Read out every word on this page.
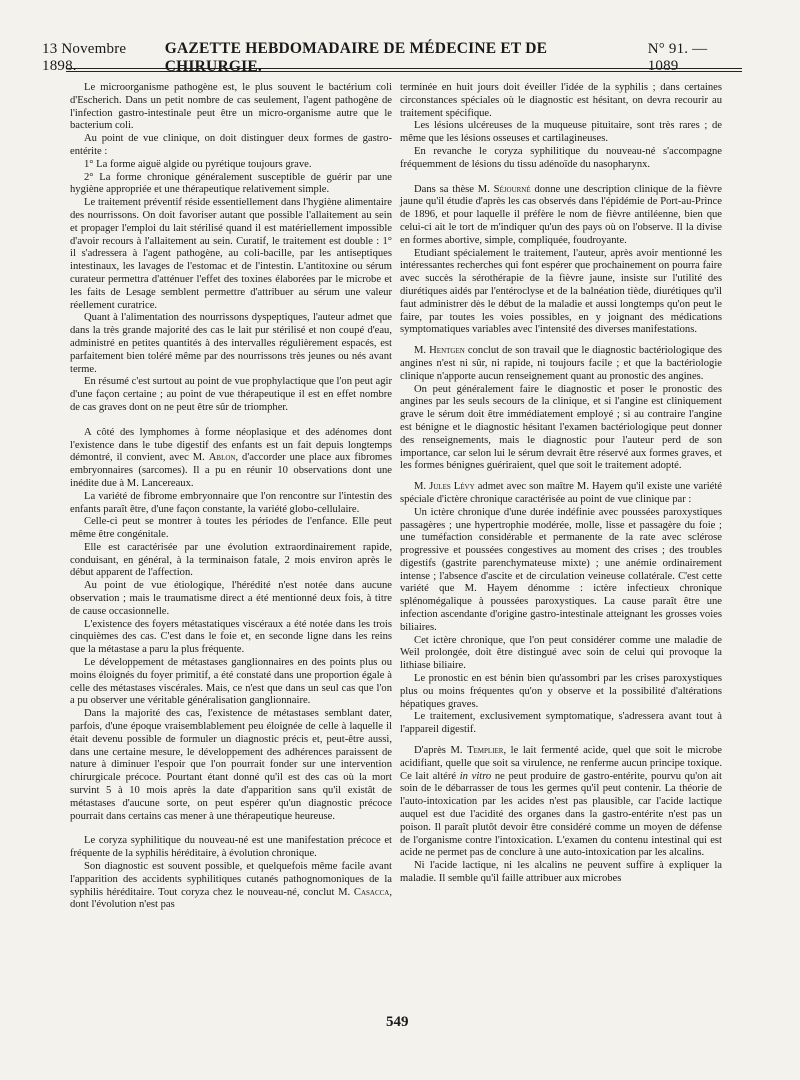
13 Novembre 1898.
GAZETTE HEBDOMADAIRE DE MÉDECINE ET DE CHIRURGIE.
N° 91. — 1089

Le microorganisme pathogène est, le plus souvent le bactérium coli d'Escherich. Dans un petit nombre de cas seulement, l'agent pathogène de l'infection gastro-intestinale peut être un micro-organisme autre que le bacterium coli.

Au point de vue clinique, on doit distinguer deux formes de gastro-entérite :

1° La forme aiguë algide ou pyrétique toujours grave.

2° La forme chronique généralement susceptible de guérir par une hygiène appropriée et une thérapeutique relativement simple.

Le traitement préventif réside essentiellement dans l'hygiène alimentaire des nourrissons. On doit favoriser autant que possible l'allaitement au sein et propager l'emploi du lait stérilisé quand il est matériellement impossible d'avoir recours à l'allaitement au sein. Curatif, le traitement est double : 1° il s'adressera à l'agent pathogène, au coli-bacille, par les antiseptiques intestinaux, les lavages de l'estomac et de l'intestin. L'antitoxine ou sérum curateur permettra d'atténuer l'effet des toxines élaborées par le microbe et les faits de Lesage semblent permettre d'attribuer au sérum une valeur réellement curatrice.

Quant à l'alimentation des nourrissons dyspeptiques, l'auteur admet que dans la très grande majorité des cas le lait pur stérilisé et non coupé d'eau, administré en petites quantités à des intervalles régulièrement espacés, est parfaitement bien toléré même par des nourrissons très jeunes ou nés avant terme.

En résumé c'est surtout au point de vue prophylactique que l'on peut agir d'une façon certaine ; au point de vue thérapeutique il est en effet nombre de cas graves dont on ne peut être sûr de triompher.

A côté des lymphomes à forme néoplasique et des adénomes dont l'existence dans le tube digestif des enfants est un fait depuis longtemps démontré, il convient, avec M. Ablon, d'accorder une place aux fibromes embryonnaires (sarcomes). Il a pu en réunir 10 observations dont une inédite due à M. Lancereaux.

La variété de fibrome embryonnaire que l'on rencontre sur l'intestin des enfants paraît être, d'une façon constante, la variété globo-cellulaire.

Celle-ci peut se montrer à toutes les périodes de l'enfance. Elle peut même être congénitale.

Elle est caractérisée par une évolution extraordinairement rapide, conduisant, en général, à la terminaison fatale, 2 mois environ après le début apparent de l'affection.

Au point de vue étiologique, l'hérédité n'est notée dans aucune observation ; mais le traumatisme direct a été mentionné deux fois, à titre de cause occasionnelle.

L'existence des foyers métastatiques viscéraux a été notée dans les trois cinquièmes des cas. C'est dans le foie et, en seconde ligne dans les reins que la métastase a paru la plus fréquente.

Le développement de métastases ganglionnaires en des points plus ou moins éloignés du foyer primitif, a été constaté dans une proportion égale à celle des métastases viscérales. Mais, ce n'est que dans un seul cas que l'on a pu observer une véritable généralisation ganglionnaire.

Dans la majorité des cas, l'existence de métastases semblant dater, parfois, d'une époque vraisemblablement peu éloignée de celle à laquelle il était devenu possible de formuler un diagnostic précis et, peut-être aussi, dans une certaine mesure, le développement des adhérences paraissent de nature à diminuer l'espoir que l'on pourrait fonder sur une intervention chirurgicale précoce. Pourtant étant donné qu'il est des cas où la mort survint 5 à 10 mois après la date d'apparition sans qu'il existât de métastases d'aucune sorte, on peut espérer qu'un diagnostic précoce pourrait dans certains cas mener à une thérapeutique heureuse.

Le coryza syphilitique du nouveau-né est une manifestation précoce et fréquente de la syphilis héréditaire, à évolution chronique.

Son diagnostic est souvent possible, et quelquefois même facile avant l'apparition des accidents syphilitiques cutanés pathognomoniques de la syphilis héréditaire. Tout coryza chez le nouveau-né, conclut M. Casacca, dont l'évolution n'est pas

terminée en huit jours doit éveiller l'idée de la syphilis ; dans certaines circonstances spéciales où le diagnostic est hésitant, on devra recourir au traitement spécifique.

Les lésions ulcéreuses de la muqueuse pituitaire, sont très rares ; de même que les lésions osseuses et cartilagineuses.

En revanche le coryza syphilitique du nouveau-né s'accompagne fréquemment de lésions du tissu adénoïde du nasopharynx.

Dans sa thèse M. Séjourné donne une description clinique de la fièvre jaune qu'il étudie d'après les cas observés dans l'épidémie de Port-au-Prince de 1896, et pour laquelle il préfère le nom de fièvre antiléenne, bien que celui-ci ait le tort de m'indiquer qu'un des pays où on l'observe. Il la divise en formes abortive, simple, compliquée, foudroyante.

Etudiant spécialement le traitement, l'auteur, après avoir mentionné les intéressantes recherches qui font espérer que prochainement on pourra faire avec succès la sérothérapie de la fièvre jaune, insiste sur l'utilité des diurétiques aidés par l'entéroclyse et de la balnéation tiède, diurétiques qu'il faut administrer dès le début de la maladie et aussi longtemps qu'on peut le faire, par toutes les voies possibles, en y joignant des médications symptomatiques variables avec l'intensité des diverses manifestations.

M. Hentgen conclut de son travail que le diagnostic bactériologique des angines n'est ni sûr, ni rapide, ni toujours facile ; et que la bactériologie clinique n'apporte aucun renseignement quant au pronostic des angines.

On peut généralement faire le diagnostic et poser le pronostic des angines par les seuls secours de la clinique, et si l'angine est cliniquement grave le sérum doit être immédiatement employé ; si au contraire l'angine est bénigne et le diagnostic hésitant l'examen bactériologique peut donner des renseignements, mais le diagnostic pour l'auteur perd de son importance, car selon lui le sérum devrait être réservé aux formes graves, et les formes bénignes guériraient, quel que soit le traitement adopté.

M. Jules Lévy admet avec son maître M. Hayem qu'il existe une variété spéciale d'ictère chronique caractérisée au point de vue clinique par :

Un ictère chronique d'une durée indéfinie avec poussées paroxystiques passagères ; une hypertrophie modérée, molle, lisse et passagère du foie ; une tuméfaction considérable et permanente de la rate avec sclérose progressive et poussées congestives au moment des crises ; des troubles digestifs (gastrite parenchymateuse mixte) ; une anémie ordinairement intense ; l'absence d'ascite et de circulation veineuse collatérale. C'est cette variété que M. Hayem dénomme : ictère infectieux chronique splénomégalique à poussées paroxystiques. La cause paraît être une infection ascendante d'origine gastro-intestinale atteignant les grosses voies biliaires.

Cet ictère chronique, que l'on peut considérer comme une maladie de Weil prolongée, doit être distingué avec soin de celui qui provoque la lithiase biliaire.

Le pronostic en est bénin bien qu'assombri par les crises paroxystiques plus ou moins fréquentes qu'on y observe et la possibilité d'altérations hépatiques graves.

Le traitement, exclusivement symptomatique, s'adressera avant tout à l'appareil digestif.

D'après M. Templier, le lait fermenté acide, quel que soit le microbe acidifiant, quelle que soit sa virulence, ne renferme aucun principe toxique. Ce lait altéré in vitro ne peut produire de gastro-entérite, pourvu qu'on ait soin de le débarrasser de tous les germes qu'il peut contenir. La théorie de l'auto-intoxication par les acides n'est pas plausible, car l'acide lactique auquel est due l'acidité des organes dans la gastro-entérite n'est pas un poison. Il paraît plutôt devoir être considéré comme un moyen de défense de l'organisme contre l'intoxication. L'examen du contenu intestinal qui est acide ne permet pas de conclure à une auto-intoxication par les alcalins.

Ni l'acide lactique, ni les alcalins ne peuvent suffire à expliquer la maladie. Il semble qu'il faille attribuer aux microbes

549
